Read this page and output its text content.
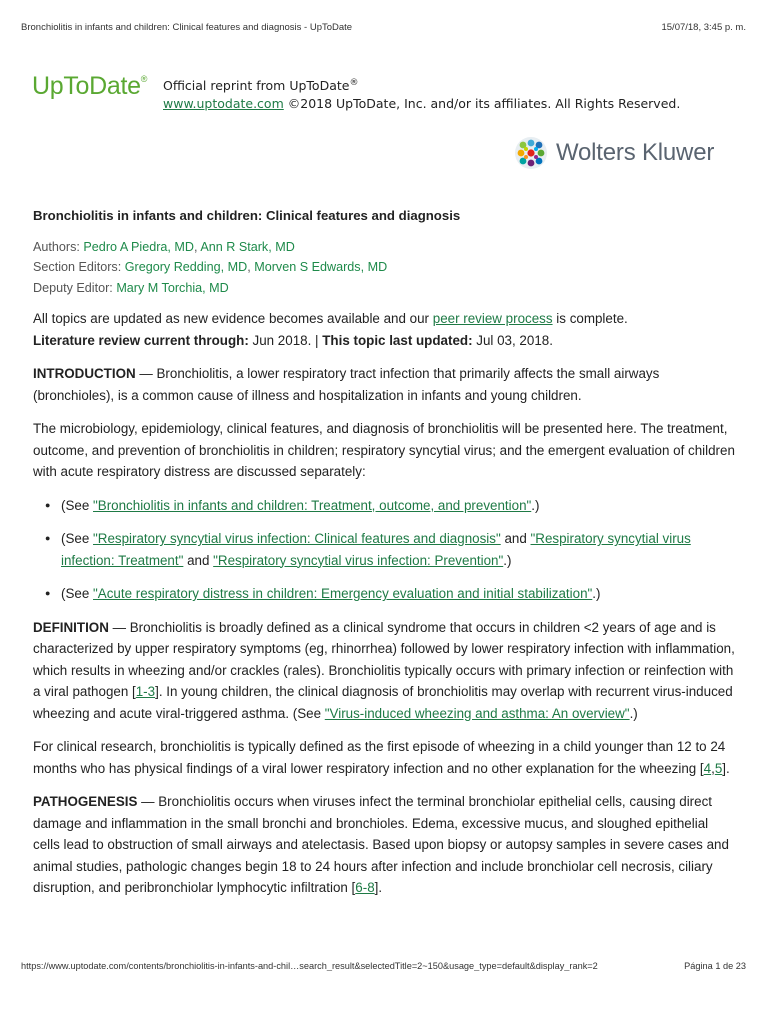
Bronchiolitis in infants and children: Clinical features and diagnosis - UpToDate	15/07/18, 3:45 p. m.
UpToDate® Official reprint from UpToDate®
www.uptodate.com ©2018 UpToDate, Inc. and/or its affiliates. All Rights Reserved.
Wolters Kluwer
Bronchiolitis in infants and children: Clinical features and diagnosis
Authors: Pedro A Piedra, MD, Ann R Stark, MD
Section Editors: Gregory Redding, MD, Morven S Edwards, MD
Deputy Editor: Mary M Torchia, MD

All topics are updated as new evidence becomes available and our peer review process is complete.
Literature review current through: Jun 2018. | This topic last updated: Jul 03, 2018.

INTRODUCTION — Bronchiolitis, a lower respiratory tract infection that primarily affects the small airways (bronchioles), is a common cause of illness and hospitalization in infants and young children.

The microbiology, epidemiology, clinical features, and diagnosis of bronchiolitis will be presented here. The treatment, outcome, and prevention of bronchiolitis in children; respiratory syncytial virus; and the emergent evaluation of children with acute respiratory distress are discussed separately:

● (See "Bronchiolitis in infants and children: Treatment, outcome, and prevention".)
● (See "Respiratory syncytial virus infection: Clinical features and diagnosis" and "Respiratory syncytial virus infection: Treatment" and "Respiratory syncytial virus infection: Prevention".)
● (See "Acute respiratory distress in children: Emergency evaluation and initial stabilization".)

DEFINITION — Bronchiolitis is broadly defined as a clinical syndrome that occurs in children <2 years of age and is characterized by upper respiratory symptoms (eg, rhinorrhea) followed by lower respiratory infection with inflammation, which results in wheezing and/or crackles (rales). Bronchiolitis typically occurs with primary infection or reinfection with a viral pathogen [1-3]. In young children, the clinical diagnosis of bronchiolitis may overlap with recurrent virus-induced wheezing and acute viral-triggered asthma. (See "Virus-induced wheezing and asthma: An overview".)

For clinical research, bronchiolitis is typically defined as the first episode of wheezing in a child younger than 12 to 24 months who has physical findings of a viral lower respiratory infection and no other explanation for the wheezing [4,5].

PATHOGENESIS — Bronchiolitis occurs when viruses infect the terminal bronchiolar epithelial cells, causing direct damage and inflammation in the small bronchi and bronchioles. Edema, excessive mucus, and sloughed epithelial cells lead to obstruction of small airways and atelectasis. Based upon biopsy or autopsy samples in severe cases and animal studies, pathologic changes begin 18 to 24 hours after infection and include bronchiolar cell necrosis, ciliary disruption, and peribronchiolar lymphocytic infiltration [6-8].

https://www.uptodate.com/contents/bronchiolitis-in-infants-and-chil…search_result&selectedTitle=2~150&usage_type=default&display_rank=2	Página 1 de 23
